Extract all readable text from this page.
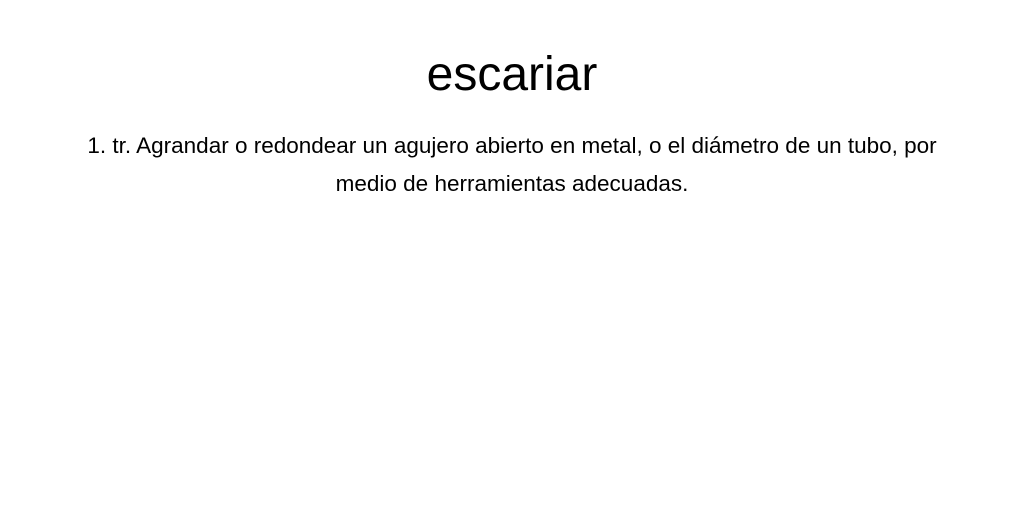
escariar

1. tr. Agrandar o redondear un agujero abierto en metal, o el diámetro de un tubo, por medio de herramientas adecuadas.
